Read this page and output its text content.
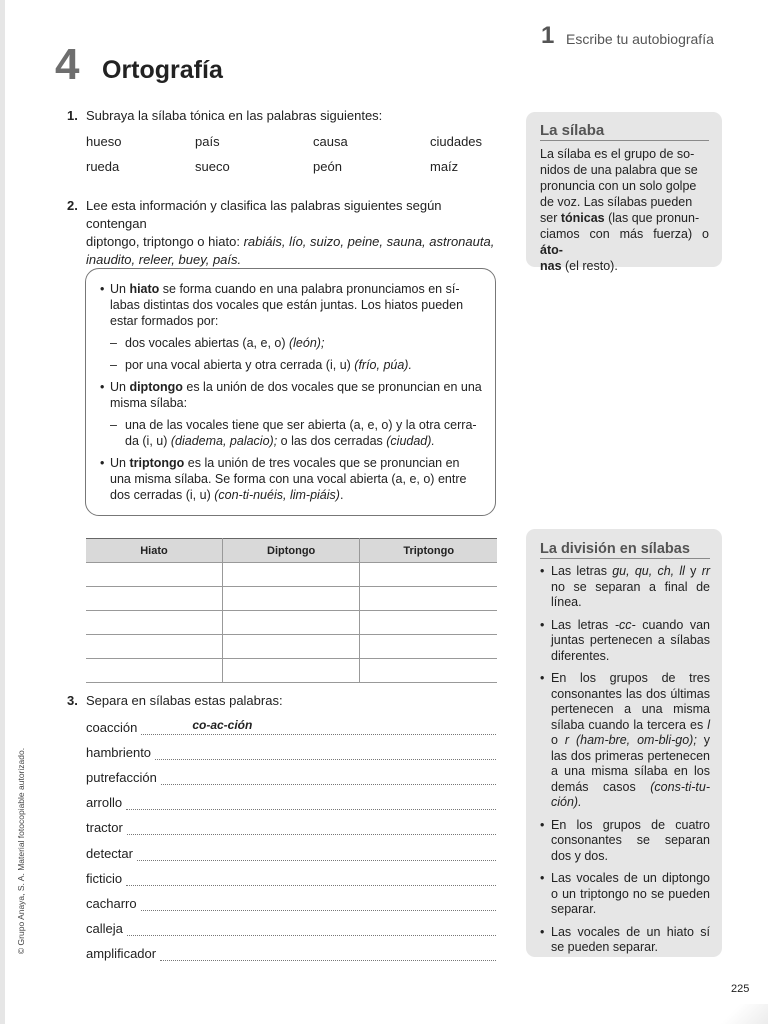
1 Escribe tu autobiografía
4 Ortografía
1. Subraya la sílaba tónica en las palabras siguientes:
hueso	país	causa	ciudades
rueda	sueco	peón	maíz
2. Lee esta información y clasifica las palabras siguientes según contengan
diptongo, triptongo o hiato: rabiáis, lío, suizo, peine, sauna, astronauta,
inaudito, releer, buey, país.
• Un hiato se forma cuando en una palabra pronunciamos en sí-
labas distintas dos vocales que están juntas. Los hiatos pueden
estar formados por:
– dos vocales abiertas (a, e, o) (león);
– por una vocal abierta y otra cerrada (i, u) (frío, púa).
• Un diptongo es la unión de dos vocales que se pronuncian en una
misma sílaba:
– una de las vocales tiene que ser abierta (a, e, o) y la otra cerra-
da (i, u) (diadema, palacio); o las dos cerradas (ciudad).
• Un triptongo es la unión de tres vocales que se pronuncian en
una misma sílaba. Se forma con una vocal abierta (a, e, o) entre
dos cerradas (i, u) (con-ti-nuéis, lim-piáis).
Hiato	Diptongo	Triptongo

3. Separa en sílabas estas palabras:
coacción	co-ac-ción
hambriento
putrefacción
arrollo
tractor
detectar
ficticio
cacharro
calleja
amplificador
La sílaba
La sílaba es el grupo de so-
nidos de una palabra que se
pronuncia con un solo golpe
de voz. Las sílabas pueden
ser tónicas (las que pronun-
ciamos con más fuerza) o áto-
nas (el resto).
La división en sílabas
• Las letras gu, qu, ch, ll y rr no se separan a final de línea.
• Las letras -cc- cuando van juntas pertenecen a sílabas diferentes.
• En los grupos de tres consonantes las dos últimas pertenecen a una misma sílaba cuando la tercera es l o r (ham-bre, om-bli-go); y las dos primeras pertenecen a una misma sílaba en los demás casos (cons-ti-tu-ción).
• En los grupos de cuatro consonantes se separan dos y dos.
• Las vocales de un diptongo o un triptongo no se pueden separar.
• Las vocales de un hiato sí se pueden separar.
225
© Grupo Anaya, S. A. Material fotocopiable autorizado.
